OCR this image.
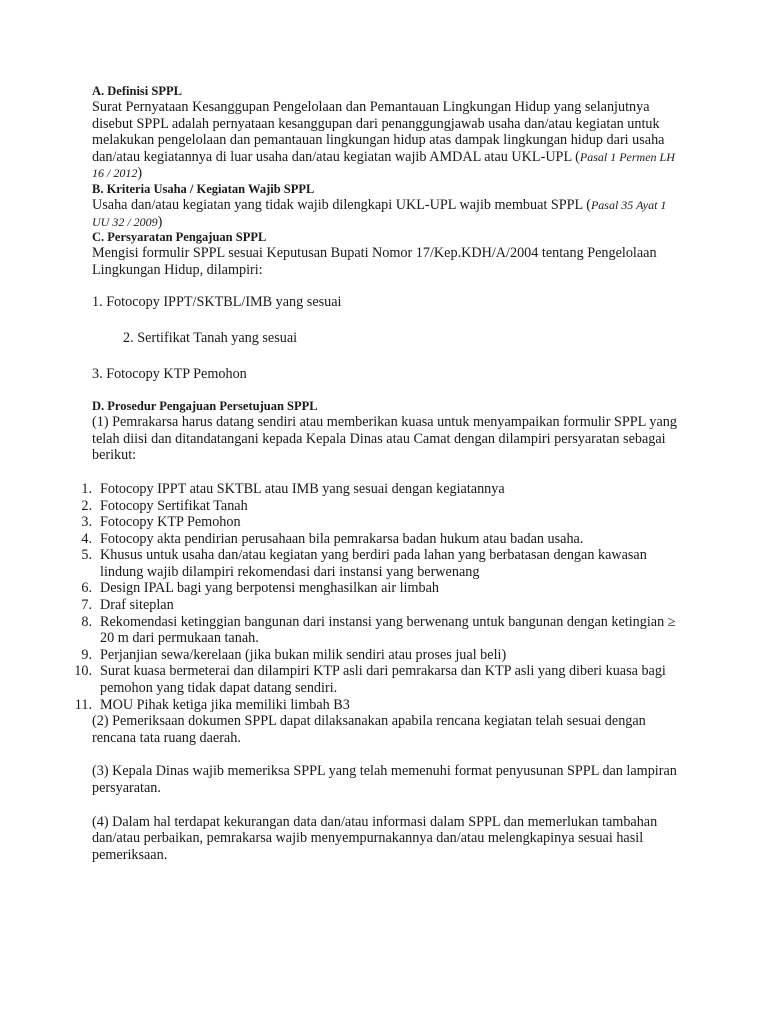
A. Definisi SPPL

Surat Pernyataan Kesanggupan Pengelolaan dan Pemantauan Lingkungan Hidup yang selanjutnya disebut SPPL adalah pernyataan kesanggupan dari penanggungjawab usaha dan/atau kegiatan untuk melakukan pengelolaan dan pemantauan lingkungan hidup atas dampak lingkungan hidup dari usaha dan/atau kegiatannya di luar usaha dan/atau kegiatan wajib AMDAL atau UKL-UPL (Pasal 1 Permen LH 16 / 2012)

B. Kriteria Usaha / Kegiatan Wajib SPPL

Usaha dan/atau kegiatan yang tidak wajib dilengkapi UKL-UPL wajib membuat SPPL (Pasal 35 Ayat 1 UU 32 / 2009)

C. Persyaratan Pengajuan SPPL

Mengisi formulir SPPL sesuai Keputusan Bupati Nomor 17/Kep.KDH/A/2004 tentang Pengelolaan Lingkungan Hidup, dilampiri:

1. Fotocopy IPPT/SKTBL/IMB yang sesuai

2. Sertifikat Tanah yang sesuai

3. Fotocopy KTP Pemohon

D. Prosedur Pengajuan Persetujuan SPPL

(1) Pemrakarsa harus datang sendiri atau memberikan kuasa untuk menyampaikan formulir SPPL yang telah diisi dan ditandatangani kepada Kepala Dinas atau Camat dengan dilampiri persyaratan sebagai berikut:

1. Fotocopy IPPT atau SKTBL atau IMB yang sesuai dengan kegiatannya
2. Fotocopy Sertifikat Tanah
3. Fotocopy KTP Pemohon
4. Fotocopy akta pendirian perusahaan bila pemrakarsa badan hukum atau badan usaha.
5. Khusus untuk usaha dan/atau kegiatan yang berdiri pada lahan yang berbatasan dengan kawasan lindung wajib dilampiri rekomendasi dari instansi yang berwenang
6. Design IPAL bagi yang berpotensi menghasilkan air limbah
7. Draf siteplan
8. Rekomendasi ketinggian bangunan dari instansi yang berwenang untuk bangunan dengan ketingian ≥ 20 m dari permukaan tanah.
9. Perjanjian sewa/kerelaan (jika bukan milik sendiri atau proses jual beli)
10. Surat kuasa bermeterai dan dilampiri KTP asli dari pemrakarsa dan KTP asli yang diberi kuasa bagi pemohon yang tidak dapat datang sendiri.
11. MOU Pihak ketiga jika memiliki limbah B3

(2) Pemeriksaan dokumen SPPL dapat dilaksanakan apabila rencana kegiatan telah sesuai dengan rencana tata ruang daerah.

(3) Kepala Dinas wajib memeriksa SPPL yang telah memenuhi format penyusunan SPPL dan lampiran persyaratan.

(4) Dalam hal terdapat kekurangan data dan/atau informasi dalam SPPL dan memerlukan tambahan dan/atau perbaikan, pemrakarsa wajib menyempurnakannya dan/atau melengkapinya sesuai hasil pemeriksaan.
